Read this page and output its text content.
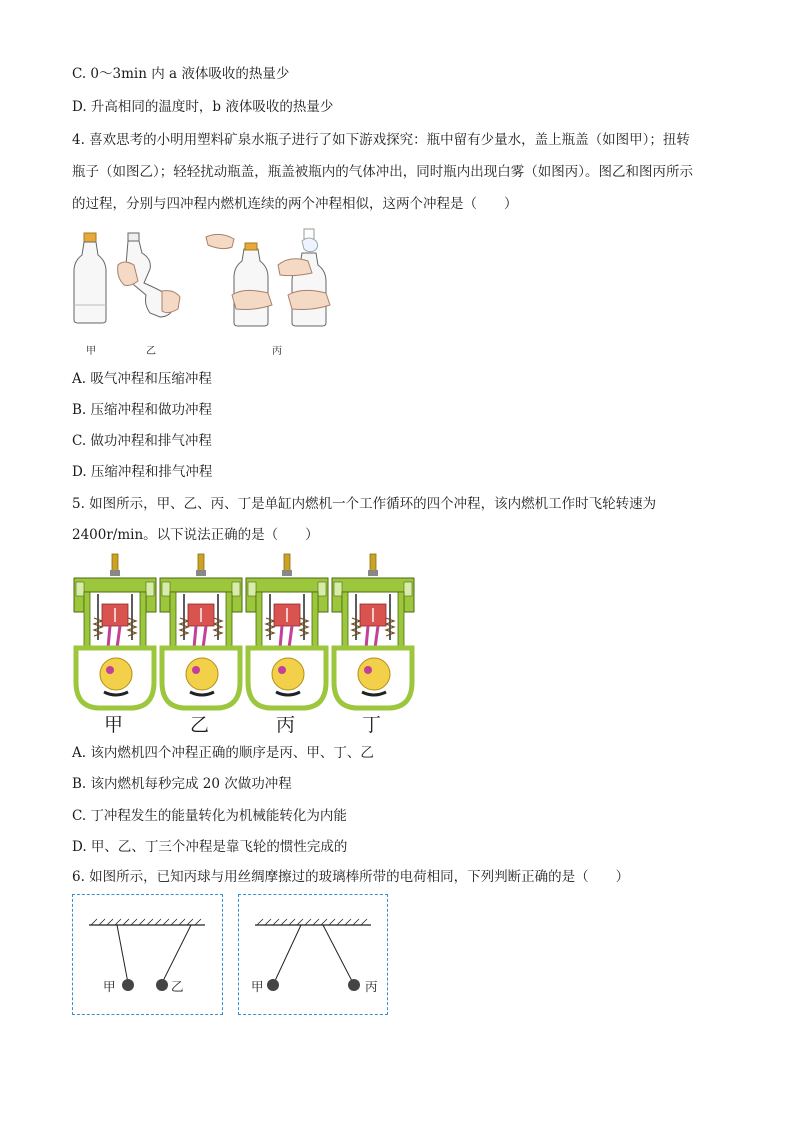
C. 0～3min 内 a 液体吸收的热量少
D. 升高相同的温度时，b 液体吸收的热量少
4. 喜欢思考的小明用塑料矿泉水瓶子进行了如下游戏探究：瓶中留有少量水，盖上瓶盖（如图甲）；扭转
瓶子（如图乙）；轻轻扰动瓶盖，瓶盖被瓶内的气体冲出，同时瓶内出现白雾（如图丙）。图乙和图丙所示
的过程，分别与四冲程内燃机连续的两个冲程相似，这两个冲程是（　　）
甲	乙	丙
A. 吸气冲程和压缩冲程
B. 压缩冲程和做功冲程
C. 做功冲程和排气冲程
D. 压缩冲程和排气冲程
5. 如图所示，甲、乙、丙、丁是单缸内燃机一个工作循环的四个冲程，该内燃机工作时飞轮转速为
2400r/min。以下说法正确的是（　　）
甲	乙	丙	丁
A. 该内燃机四个冲程正确的顺序是丙、甲、丁、乙
B. 该内燃机每秒完成 20 次做功冲程
C. 丁冲程发生的能量转化为机械能转化为内能
D. 甲、乙、丁三个冲程是靠飞轮的惯性完成的
6. 如图所示，已知丙球与用丝绸摩擦过的玻璃棒所带的电荷相同，下列判断正确的是（　　）
甲	乙	甲	丙
